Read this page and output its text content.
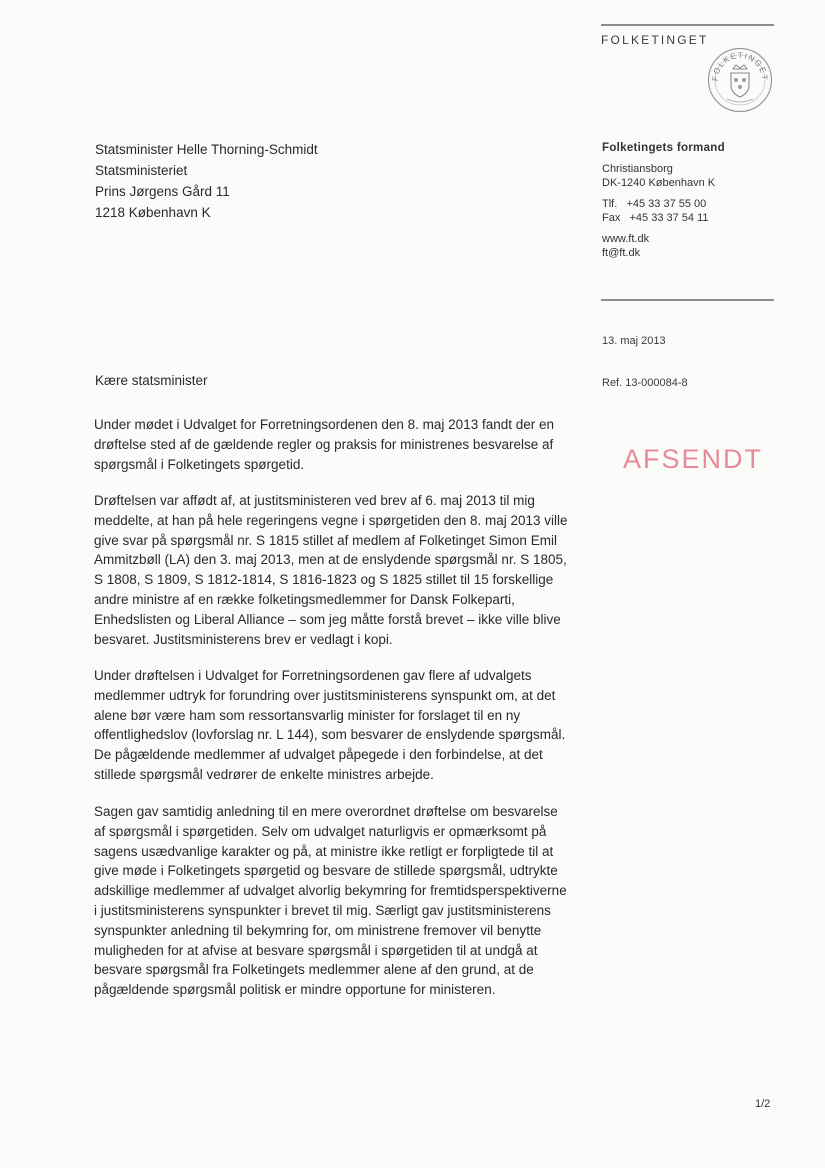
FOLKETINGET
FOLKETINGET
Statsminister Helle Thorning-Schmidt
Statsministeriet
Prins Jørgens Gård 11
1218 København K
Folketingets formand
Christiansborg
DK-1240 København K
Tlf.   +45 33 37 55 00
Fax   +45 33 37 54 11
www.ft.dk
ft@ft.dk
13. maj 2013
Ref. 13-000084-8
AFSENDT
Kære statsminister
Under mødet i Udvalget for Forretningsordenen den 8. maj 2013 fandt der en drøftelse sted af de gældende regler og praksis for ministrenes besvarelse af spørgsmål i Folketingets spørgetid.
Drøftelsen var affødt af, at justitsministeren ved brev af 6. maj 2013 til mig meddelte, at han på hele regeringens vegne i spørgetiden den 8. maj 2013 ville give svar på spørgsmål nr. S 1815 stillet af medlem af Folketinget Simon Emil Ammitzbøll (LA) den 3. maj 2013, men at de enslydende spørgsmål nr. S 1805, S 1808, S 1809, S 1812-1814, S 1816-1823 og S 1825 stillet til 15 forskellige andre ministre af en række folketingsmedlemmer for Dansk Folkeparti, Enhedslisten og Liberal Alliance – som jeg måtte forstå brevet – ikke ville blive besvaret. Justitsministerens brev er vedlagt i kopi.
Under drøftelsen i Udvalget for Forretningsordenen gav flere af udvalgets medlemmer udtryk for forundring over justitsministerens synspunkt om, at det alene bør være ham som ressortansvarlig minister for forslaget til en ny offentlighedslov (lovforslag nr. L 144), som besvarer de enslydende spørgsmål. De pågældende medlemmer af udvalget påpegede i den forbindelse, at det stillede spørgsmål vedrører de enkelte ministres arbejde.
Sagen gav samtidig anledning til en mere overordnet drøftelse om besvarelse af spørgsmål i spørgetiden. Selv om udvalget naturligvis er opmærksomt på sagens usædvanlige karakter og på, at ministre ikke retligt er forpligtede til at give møde i Folketingets spørgetid og besvare de stillede spørgsmål, udtrykte adskillige medlemmer af udvalget alvorlig bekymring for fremtidsperspektiverne i justitsministerens synspunkter i brevet til mig. Særligt gav justitsministerens synspunkter anledning til bekymring for, om ministrene fremover vil benytte muligheden for at afvise at besvare spørgsmål i spørgetiden til at undgå at besvare spørgsmål fra Folketingets medlemmer alene af den grund, at de pågældende spørgsmål politisk er mindre opportune for ministeren.
1/2
